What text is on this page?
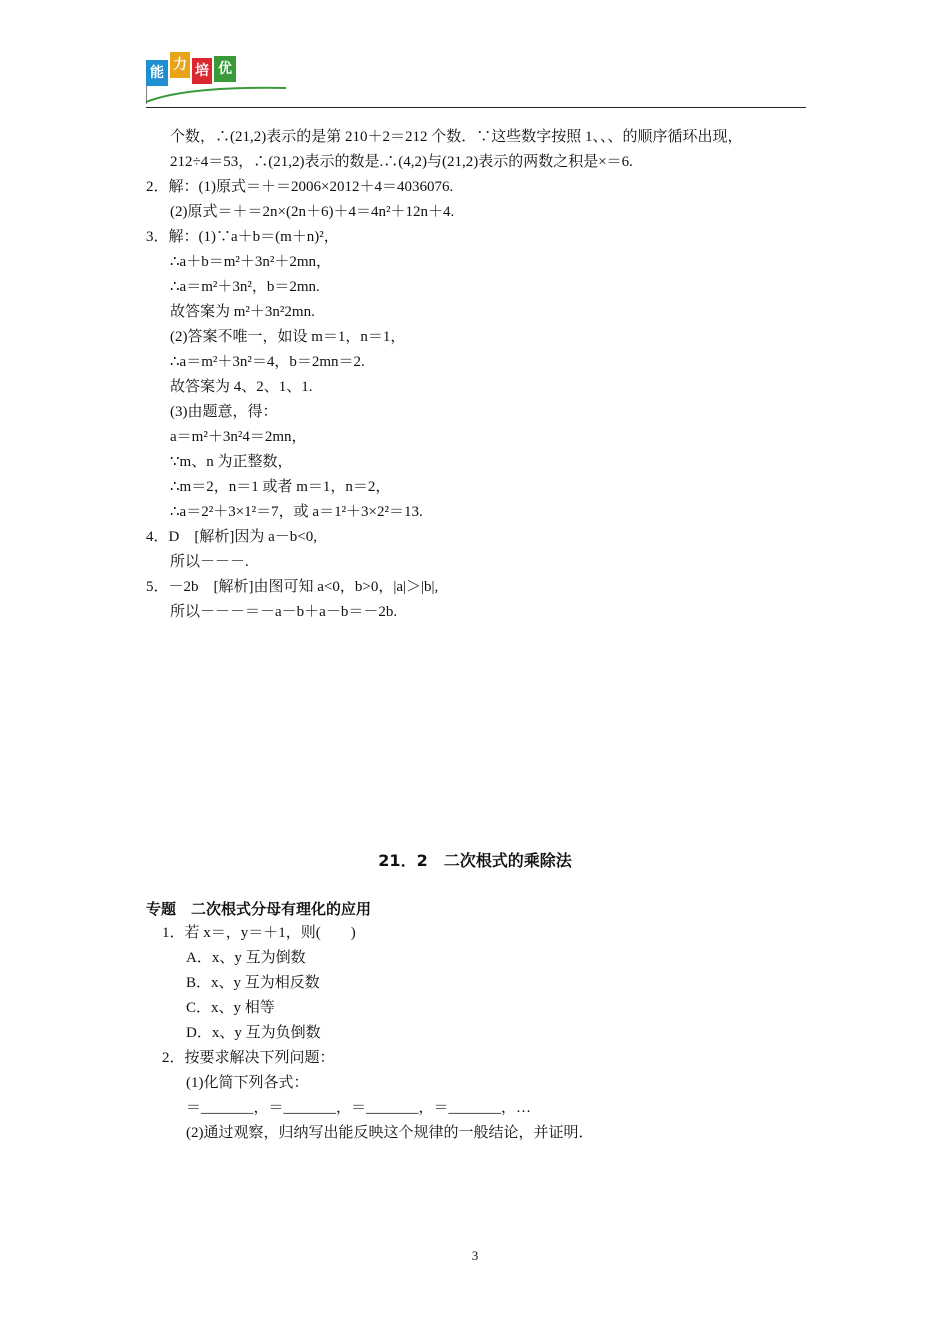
能 力 培 优
个数，∴(21,2)表示的是第 210＋2＝212 个数．∵这些数字按照 1、、、的顺序循环出现，
212÷4＝53，∴(21,2)表示的数是.∴(4,2)与(21,2)表示的两数之积是×＝6.
2．解：(1)原式＝＋＝2006×2012＋4＝4036076.
(2)原式＝＋＝2n×(2n＋6)＋4＝4n²＋12n＋4.
3．解：(1)∵a＋b＝(m＋n)²，
∴a＋b＝m²＋3n²＋2mn，
∴a＝m²＋3n²，b＝2mn.
故答案为 m²＋3n²2mn.
(2)答案不唯一，如设 m＝1，n＝1，
∴a＝m²＋3n²＝4，b＝2mn＝2.
故答案为 4、2、1、1.
(3)由题意，得：
a＝m²＋3n²4＝2mn，
∵m、n 为正整数，
∴m＝2，n＝1 或者 m＝1，n＝2，
∴a＝2²＋3×1²＝7，或 a＝1²＋3×2²＝13.
4．D　[解析]因为 a－b<0,
所以－－－.
5．－2b　[解析]由图可知 a<0，b>0，|a|＞|b|,
所以－－－＝－a－b＋a－b＝－2b.
21．2　二次根式的乘除法
专题　二次根式分母有理化的应用
1．若 x＝，y＝＋1，则(　　)
A．x、y 互为倒数
B．x、y 互为相反数
C．x、y 相等
D．x、y 互为负倒数
2．按要求解决下列问题：
(1)化简下列各式：
＝_______，＝_______，＝_______，＝_______，…
(2)通过观察，归纳写出能反映这个规律的一般结论，并证明．
3
